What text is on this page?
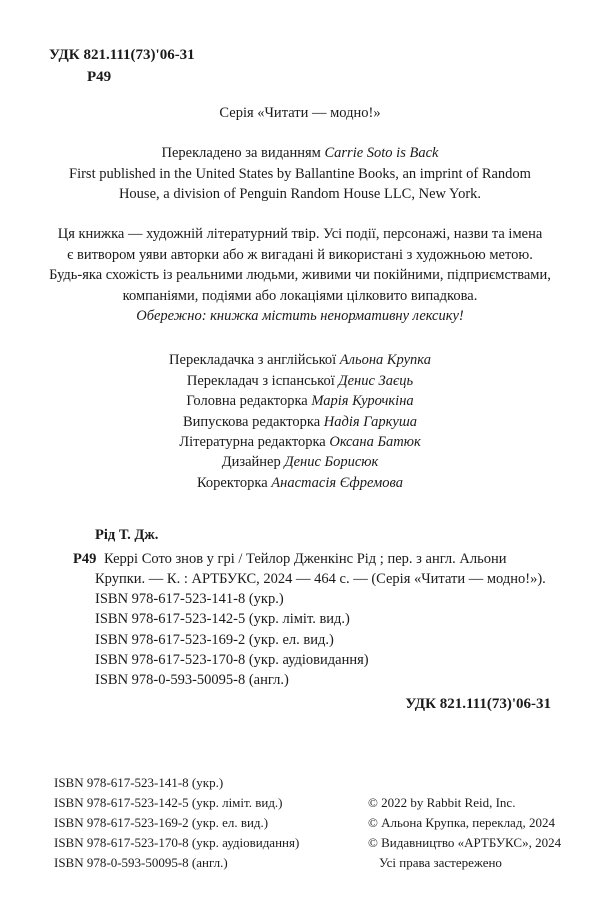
УДК 821.111(73)'06-31
Р49
Серія «Читати — модно!»
Перекладено за виданням Carrie Soto is Back
First published in the United States by Ballantine Books, an imprint of Random
House, a division of Penguin Random House LLC, New York.
Ця книжка — художній літературний твір. Усі події, персонажі, назви та імена
є витвором уяви авторки або ж вигадані й використані з художньою метою.
Будь-яка схожість із реальними людьми, живими чи покійними, підприємствами,
компаніями, подіями або локаціями цілковито випадкова.
Обережно: книжка містить ненормативну лексику!
Перекладачка з англійської Альона Крупка
Перекладач з іспанської Денис Заєць
Головна редакторка Марія Курочкіна
Випускова редакторка Надія Гаркуша
Літературна редакторка Оксана Батюк
Дизайнер Денис Борисюк
Коректорка Анастасія Єфремова
Рід Т. Дж.
Р49 Керрі Сото знов у грі / Тейлор Дженкінс Рід ; пер. з англ. Альони
Крупки. — К. : АРТБУКС, 2024 — 464 с. — (Серія «Читати — модно!»).
ISBN 978-617-523-141-8 (укр.)
ISBN 978-617-523-142-5 (укр. ліміт. вид.)
ISBN 978-617-523-169-2 (укр. ел. вид.)
ISBN 978-617-523-170-8 (укр. аудіовидання)
ISBN 978-0-593-50095-8 (англ.)
УДК 821.111(73)'06-31
ISBN 978-617-523-141-8 (укр.)
ISBN 978-617-523-142-5 (укр. ліміт. вид.)
ISBN 978-617-523-169-2 (укр. ел. вид.)
ISBN 978-617-523-170-8 (укр. аудіовидання)
ISBN 978-0-593-50095-8 (англ.)
© 2022 by Rabbit Reid, Inc.
© Альона Крупка, переклад, 2024
© Видавництво «АРТБУКС», 2024
Усі права застережено
